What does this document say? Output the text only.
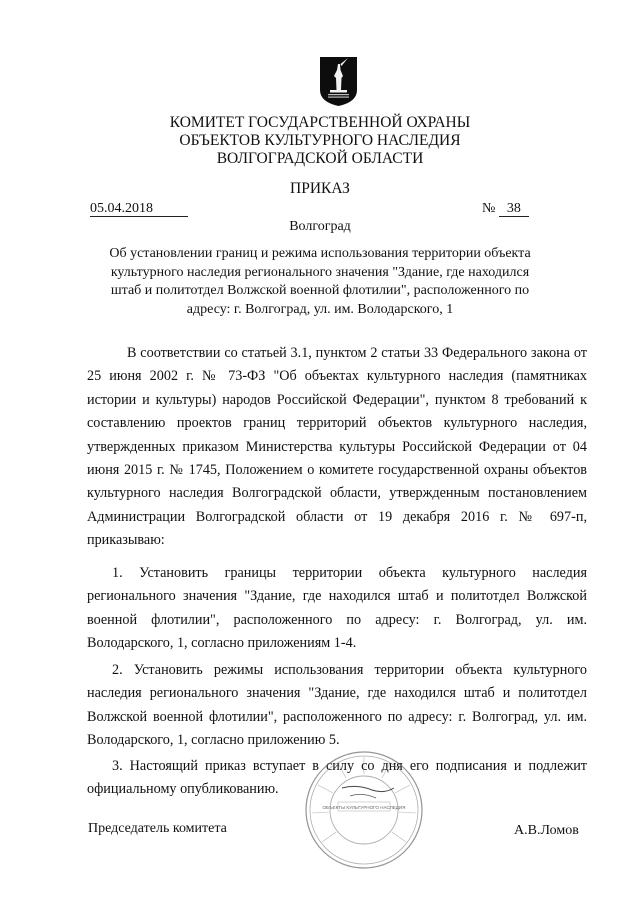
КОМИТЕТ ГОСУДАРСТВЕННОЙ ОХРАНЫ
ОБЪЕКТОВ КУЛЬТУРНОГО НАСЛЕДИЯ
ВОЛГОГРАДСКОЙ ОБЛАСТИ
ПРИКАЗ
05.04.2018	№ 38
Волгоград
Об установлении границ и режима использования территории объекта культурного наследия регионального значения "Здание, где находился штаб и политотдел Волжской военной флотилии", расположенного по адресу: г. Волгоград, ул. им. Володарского, 1
В соответствии со статьей 3.1, пунктом 2 статьи 33 Федерального закона от 25 июня 2002 г. № 73-ФЗ "Об объектах культурного наследия (памятниках истории и культуры) народов Российской Федерации", пунктом 8 требований к составлению проектов границ территорий объектов культурного наследия, утвержденных приказом Министерства культуры Российской Федерации от 04 июня 2015 г. № 1745, Положением о комитете государственной охраны объектов культурного наследия Волгоградской области, утвержденным постановлением Администрации Волгоградской области от 19 декабря 2016 г. № 697-п, приказываю:
1. Установить границы территории объекта культурного наследия регионального значения "Здание, где находился штаб и политотдел Волжской военной флотилии", расположенного по адресу: г. Волгоград, ул. им. Володарского, 1, согласно приложениям 1-4.
2. Установить режимы использования территории объекта культурного наследия регионального значения "Здание, где находился штаб и политотдел Волжской военной флотилии", расположенного по адресу: г. Волгоград, ул. им. Володарского, 1, согласно приложению 5.
3. Настоящий приказ вступает в силу со дня его подписания и подлежит официальному опубликованию.
Председатель комитета	А.В.Ломов
ОБЪЕКТЫ КУЛЬТУРНОГО НАСЛЕДИЯ
